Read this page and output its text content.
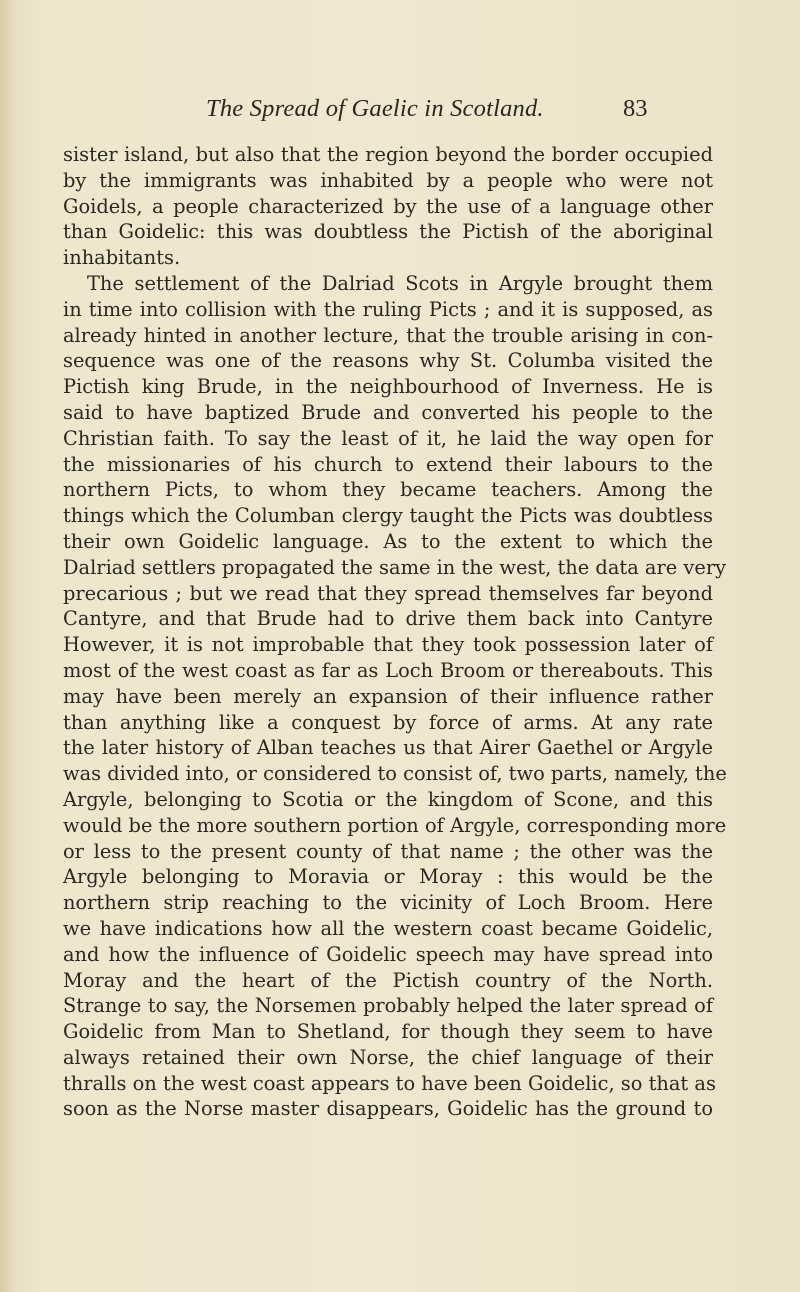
The Spread of Gaelic in Scotland.	83
sister island, but also that the region beyond the border occupied
by the immigrants was inhabited by a people who were not
Goidels, a people characterized by the use of a language other
than Goidelic: this was doubtless the Pictish of the aboriginal
inhabitants.
The settlement of the Dalriad Scots in Argyle brought them
in time into collision with the ruling Picts ; and it is supposed, as
already hinted in another lecture, that the trouble arising in con-
sequence was one of the reasons why St. Columba visited the
Pictish king Brude, in the neighbourhood of Inverness. He is
said to have baptized Brude and converted his people to the
Christian faith. To say the least of it, he laid the way open for
the missionaries of his church to extend their labours to the
northern Picts, to whom they became teachers. Among the
things which the Columban clergy taught the Picts was doubtless
their own Goidelic language. As to the extent to which the
Dalriad settlers propagated the same in the west, the data are very
precarious ; but we read that they spread themselves far beyond
Cantyre, and that Brude had to drive them back into Cantyre
However, it is not improbable that they took possession later of
most of the west coast as far as Loch Broom or thereabouts. This
may have been merely an expansion of their influence rather
than anything like a conquest by force of arms. At any rate
the later history of Alban teaches us that Airer Gaethel or Argyle
was divided into, or considered to consist of, two parts, namely, the
Argyle, belonging to Scotia or the kingdom of Scone, and this
would be the more southern portion of Argyle, corresponding more
or less to the present county of that name ; the other was the
Argyle belonging to Moravia or Moray : this would be the
northern strip reaching to the vicinity of Loch Broom. Here
we have indications how all the western coast became Goidelic,
and how the influence of Goidelic speech may have spread into
Moray and the heart of the Pictish country of the North.
Strange to say, the Norsemen probably helped the later spread of
Goidelic from Man to Shetland, for though they seem to have
always retained their own Norse, the chief language of their
thralls on the west coast appears to have been Goidelic, so that as
soon as the Norse master disappears, Goidelic has the ground to
